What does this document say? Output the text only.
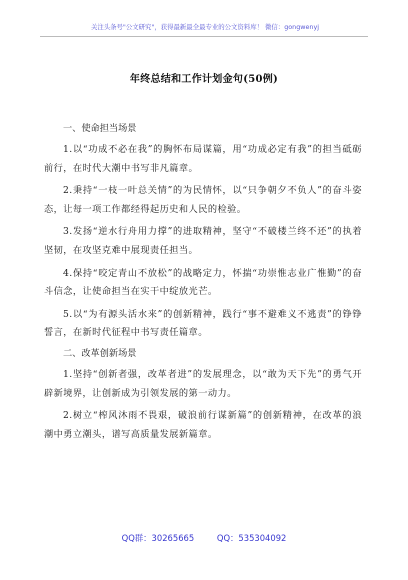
关注头条号"公文研究"，获得最新最全最专业的公文资料库！ 微信：gongwenyj
年终总结和工作计划金句(50例)

一、使命担当场景

1.以“功成不必在我”的胸怀布局谋篇，用“功成必定有我”的担当砥砺前行，在时代大潮中书写非凡篇章。

2.秉持“一枝一叶总关情”的为民情怀，以“只争朝夕不负人”的奋斗姿态，让每一项工作都经得起历史和人民的检验。

3.发扬“逆水行舟用力撑”的进取精神，坚守“不破楼兰终不还”的执着坚韧，在攻坚克难中展现责任担当。

4.保持“咬定青山不放松”的战略定力，怀揣“功崇惟志业广惟勤”的奋斗信念，让使命担当在实干中绽放光芒。

5.以“为有源头活水来”的创新精神，践行“事不避难义不逃责”的铮铮誓言，在新时代征程中书写责任篇章。

二、改革创新场景

1.坚持“创新者强，改革者进”的发展理念，以“敢为天下先”的勇气开辟新境界，让创新成为引领发展的第一动力。

2.树立“榨风沐雨不畏艰，破浪前行谋新篇”的创新精神，在改革的浪潮中勇立潮头，谱写高质量发展新篇章。

QQ群：30265665	QQ：535304092
